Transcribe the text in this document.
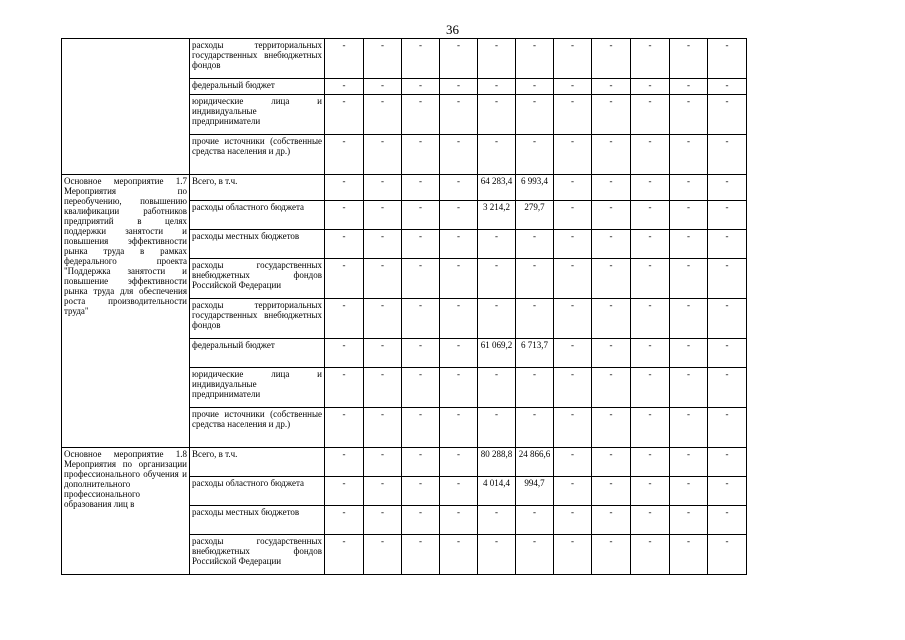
36
	расходы территориальных государственных внебюджетных фондов	-	-	-	-	-	-	-	-	-	-	-
	федеральный бюджет	-	-	-	-	-	-	-	-	-	-	-
	юридические лица и индивидуальные предприниматели	-	-	-	-	-	-	-	-	-	-	-
	прочие источники (собственные средства населения и др.)	-	-	-	-	-	-	-	-	-	-	-
Основное мероприятие 1.7 Мероприятия по переобучению, повышению квалификации работников предприятий в целях поддержки занятости и повышения эффективности рынка труда в рамках федерального проекта "Поддержка занятости и повышение эффективности рынка труда для обеспечения роста производительности труда"	Всего, в т.ч.	-	-	-	-	64 283,4	6 993,4	-	-	-	-	-
	расходы областного бюджета	-	-	-	-	3 214,2	279,7	-	-	-	-	-
	расходы местных бюджетов	-	-	-	-	-	-	-	-	-	-	-
	расходы государственных внебюджетных фондов Российской Федерации	-	-	-	-	-	-	-	-	-	-	-
	расходы территориальных государственных внебюджетных фондов	-	-	-	-	-	-	-	-	-	-	-
	федеральный бюджет	-	-	-	-	61 069,2	6 713,7	-	-	-	-	-
	юридические лица и индивидуальные предприниматели	-	-	-	-	-	-	-	-	-	-	-
	прочие источники (собственные средства населения и др.)	-	-	-	-	-	-	-	-	-	-	-
Основное мероприятие 1.8 Мероприятия по организации профессионального обучения и дополнительного профессионального образования лиц в	Всего, в т.ч.	-	-	-	-	80 288,8	24 866,6	-	-	-	-	-
	расходы областного бюджета	-	-	-	-	4 014,4	994,7	-	-	-	-	-
	расходы местных бюджетов	-	-	-	-	-	-	-	-	-	-	-
	расходы государственных внебюджетных фондов Российской Федерации	-	-	-	-	-	-	-	-	-	-	-
